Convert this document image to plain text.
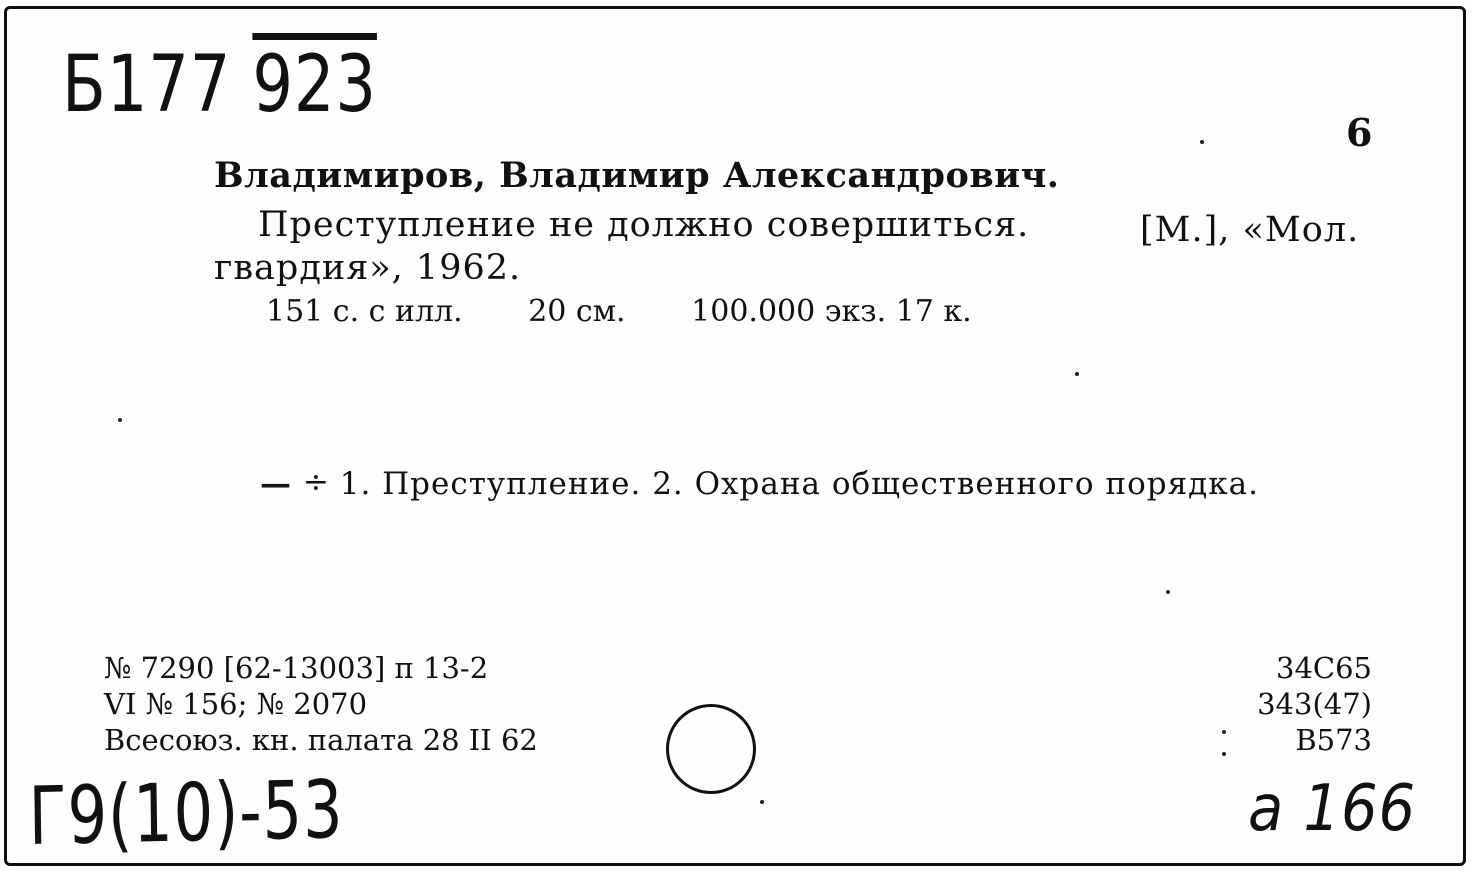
Б177 923
6
Владимиров, Владимир Александрович.
Преступление не должно совершиться.	[M.], «Мол.
гвардия», 1962.
151 с. с илл. 20 см. 100.000 экз. 17 к.
— ÷ 1. Преступление. 2. Охрана общественного порядка.
№ 7290 [62-13003] п 13-2
VI № 156; № 2070
Всесоюз. кн. палата 28 II 62
34С65
343(47)
В573
Г9(10)-53	a 166
